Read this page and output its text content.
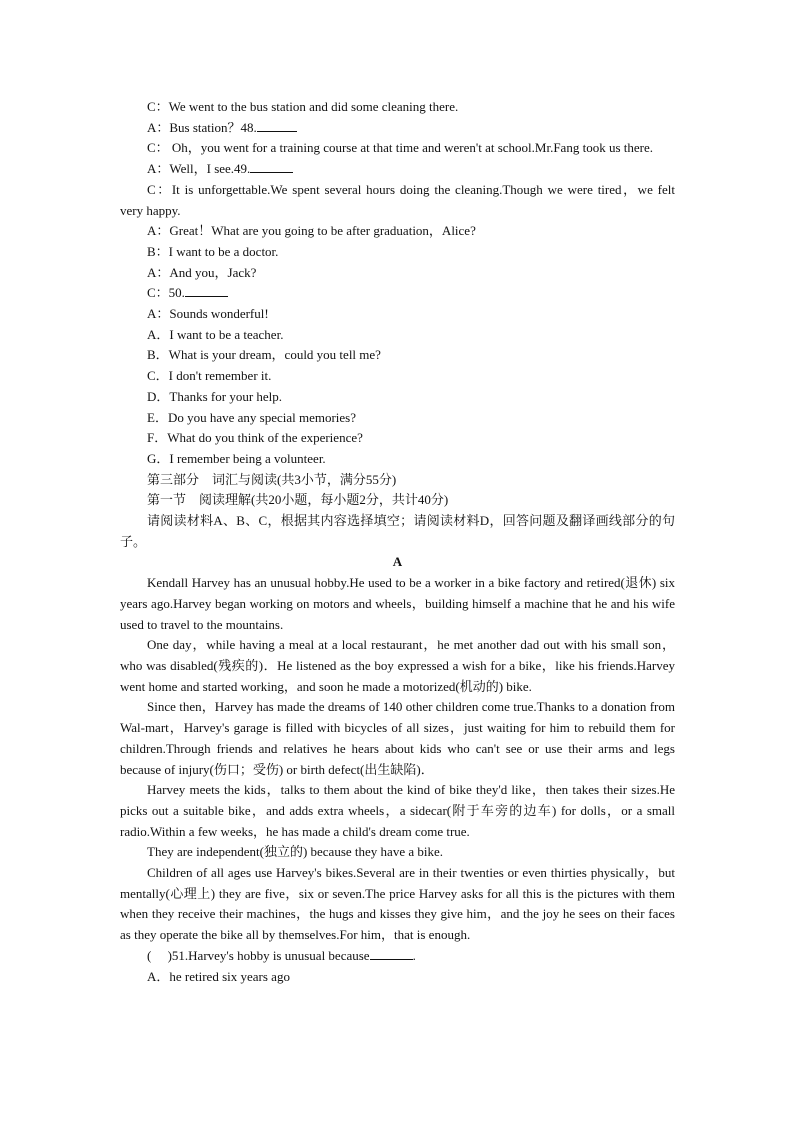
C：We went to the bus station and did some cleaning there.

A：Bus station？48.

C： Oh，you went for a training course at that time and weren't at school.Mr.Fang took us there.

A：Well，I see.49.

C：It is unforgettable.We spent several hours doing the cleaning.Though we were tired，we felt very happy.

A：Great！What are you going to be after graduation，Alice?

B：I want to be a doctor.

A：And you，Jack?

C：50.

A：Sounds wonderful!

A．I want to be a teacher.

B．What is your dream，could you tell me?

C．I don't remember it.

D．Thanks for your help.

E．Do you have any special memories?

F．What do you think of the experience?

G．I remember being a volunteer.

第三部分　词汇与阅读(共3小节，满分55分)

第一节　阅读理解(共20小题，每小题2分，共计40分)

请阅读材料A、B、C，根据其内容选择填空；请阅读材料D，回答问题及翻译画线部分的句子。

A

Kendall Harvey has an unusual hobby.He used to be a worker in a bike factory and retired(退休) six years ago.Harvey began working on motors and wheels，building himself a machine that he and his wife used to travel to the mountains.

One day，while having a meal at a local restaurant，he met another dad out with his small son，who was disabled(残疾的)．He listened as the boy expressed a wish for a bike，like his friends.Harvey went home and started working，and soon he made a motorized(机动的) bike.

Since then，Harvey has made the dreams of 140 other children come true.Thanks to a donation from Wal-mart，Harvey's garage is filled with bicycles of all sizes，just waiting for him to rebuild them for children.Through friends and relatives he hears about kids who can't see or use their arms and legs because of injury(伤口；受伤) or birth defect(出生缺陷)．

Harvey meets the kids，talks to them about the kind of bike they'd like，then takes their sizes.He picks out a suitable bike，and adds extra wheels，a sidecar(附于车旁的边车) for dolls，or a small radio.Within a few weeks，he has made a child's dream come true.

They are independent(独立的) because they have a bike.

Children of all ages use Harvey's bikes.Several are in their twenties or even thirties physically，but mentally(心理上) they are five，six or seven.The price Harvey asks for all this is the pictures with them when they receive their machines，the hugs and kisses they give him，and the joy he sees on their faces as they operate the bike all by themselves.For him，that is enough.

(　 )51.Harvey's hobby is unusual because	.

A．he retired six years ago
